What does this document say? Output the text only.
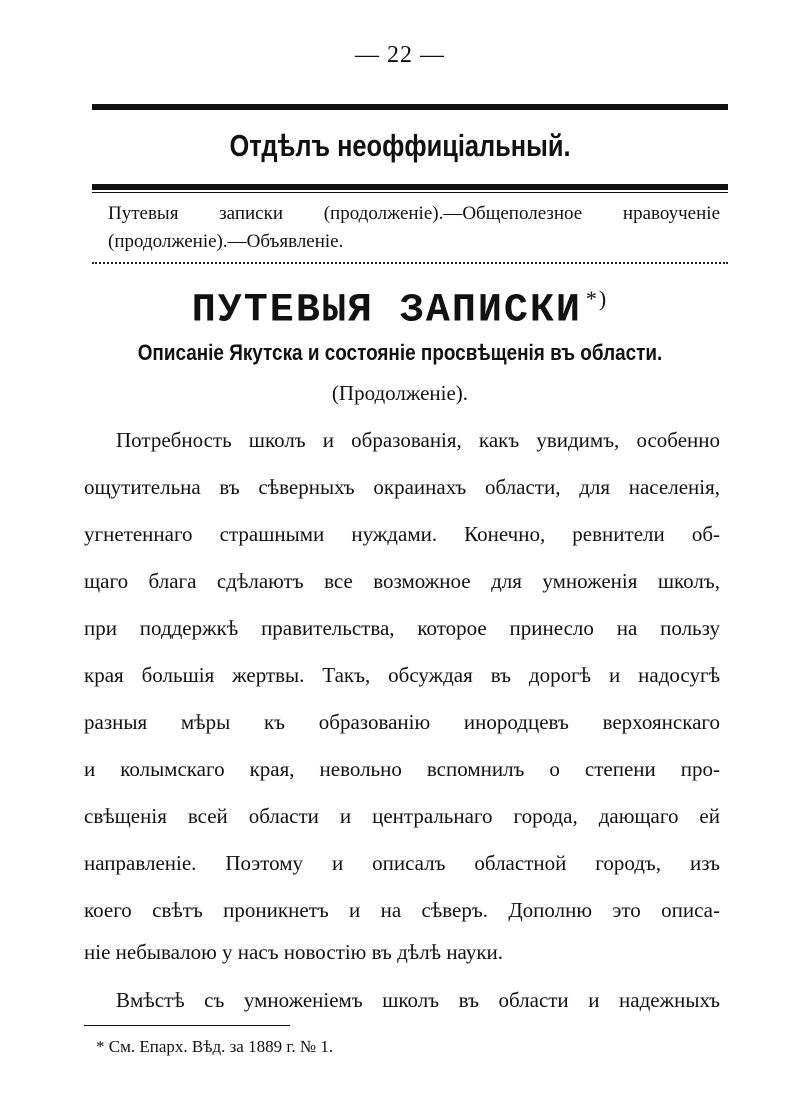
— 22 —
Отдѣлъ неоффиціальный.
Путевыя записки (продолженіе).—Общеполезное нравоученіе (продолженіе).—Объявленіе.
ПУТЕВЫЯ ЗАПИСКИ *)
Описаніе Якутска и состояніе просвѣщенія въ области.
(Продолженіе).
Потребность школъ и образованія, какъ увидимъ, особенно
ощутительна въ сѣверныхъ окраинахъ области, для населенія,
угнетеннаго страшными нуждами. Конечно, ревнители об-
щаго блага сдѣлаютъ все возможное для умноженія школъ,
при поддержкѣ правительства, которое принесло на пользу
края большія жертвы. Такъ, обсуждая въ дорогѣ и надосугѣ
разныя мѣры къ образованію инородцевъ верхоянскаго
и колымскаго края, невольно вспомнилъ о степени про-
свѣщенія всей области и центральнаго города, дающаго ей
направленіе. Поэтому и описалъ областной городъ, изъ
коего свѣтъ проникнетъ и на сѣверъ. Дополню это описа-
ніе небывалою у насъ новостію въ дѣлѣ науки.
Вмѣстѣ съ умноженіемъ школъ въ области и надежныхъ
* См. Епарх. Вѣд. за 1889 г. № 1.
